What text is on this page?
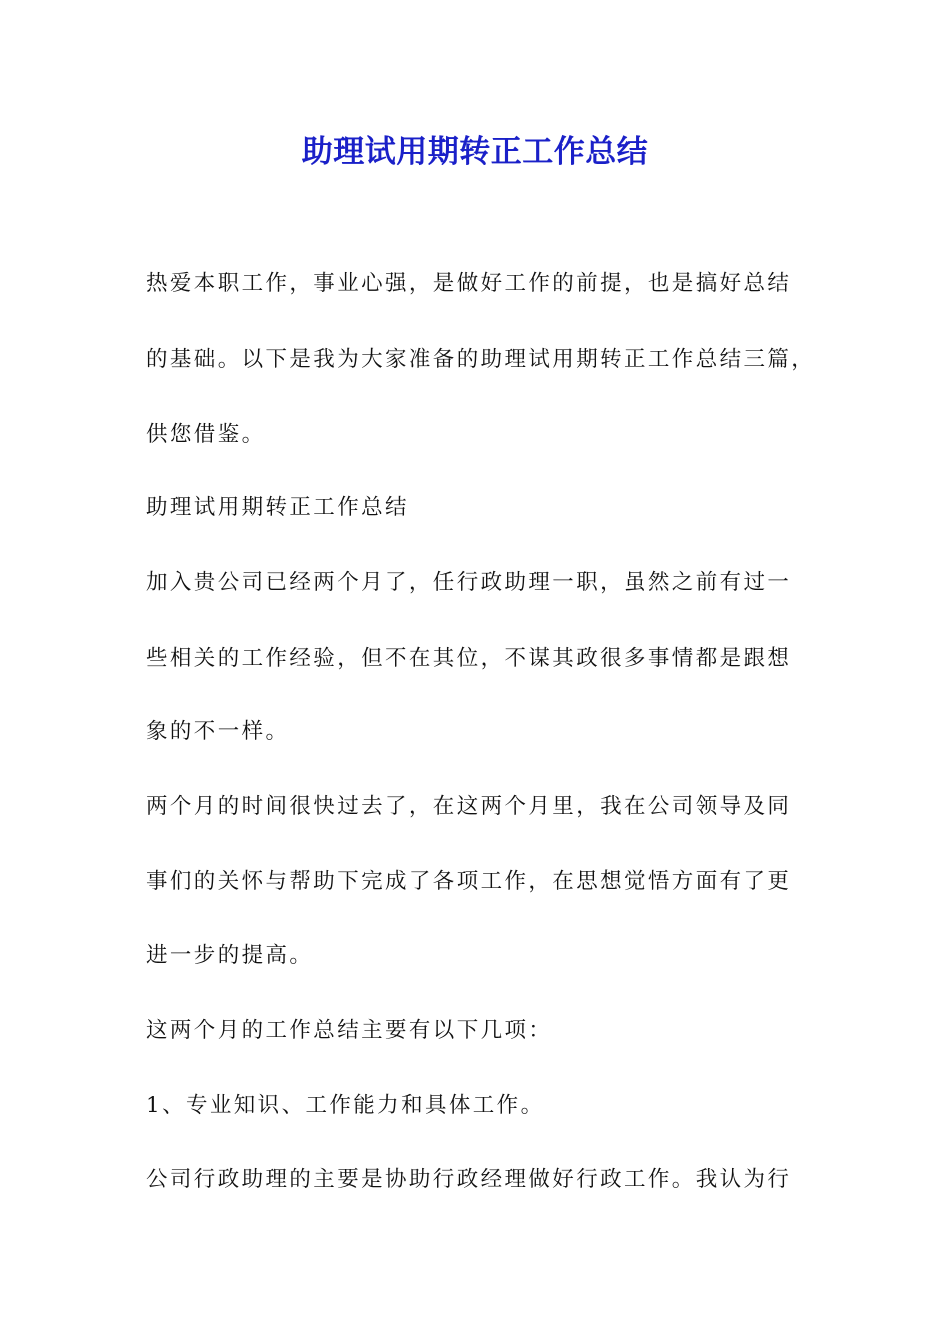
助理试用期转正工作总结

热爱本职工作，事业心强，是做好工作的前提，也是搞好总结

的基础。以下是我为大家准备的助理试用期转正工作总结三篇，

供您借鉴。

助理试用期转正工作总结

加入贵公司已经两个月了，任行政助理一职，虽然之前有过一

些相关的工作经验，但不在其位，不谋其政很多事情都是跟想

象的不一样。

两个月的时间很快过去了，在这两个月里，我在公司领导及同

事们的关怀与帮助下完成了各项工作，在思想觉悟方面有了更

进一步的提高。

这两个月的工作总结主要有以下几项：

1、专业知识、工作能力和具体工作。

公司行政助理的主要是协助行政经理做好行政工作。我认为行
